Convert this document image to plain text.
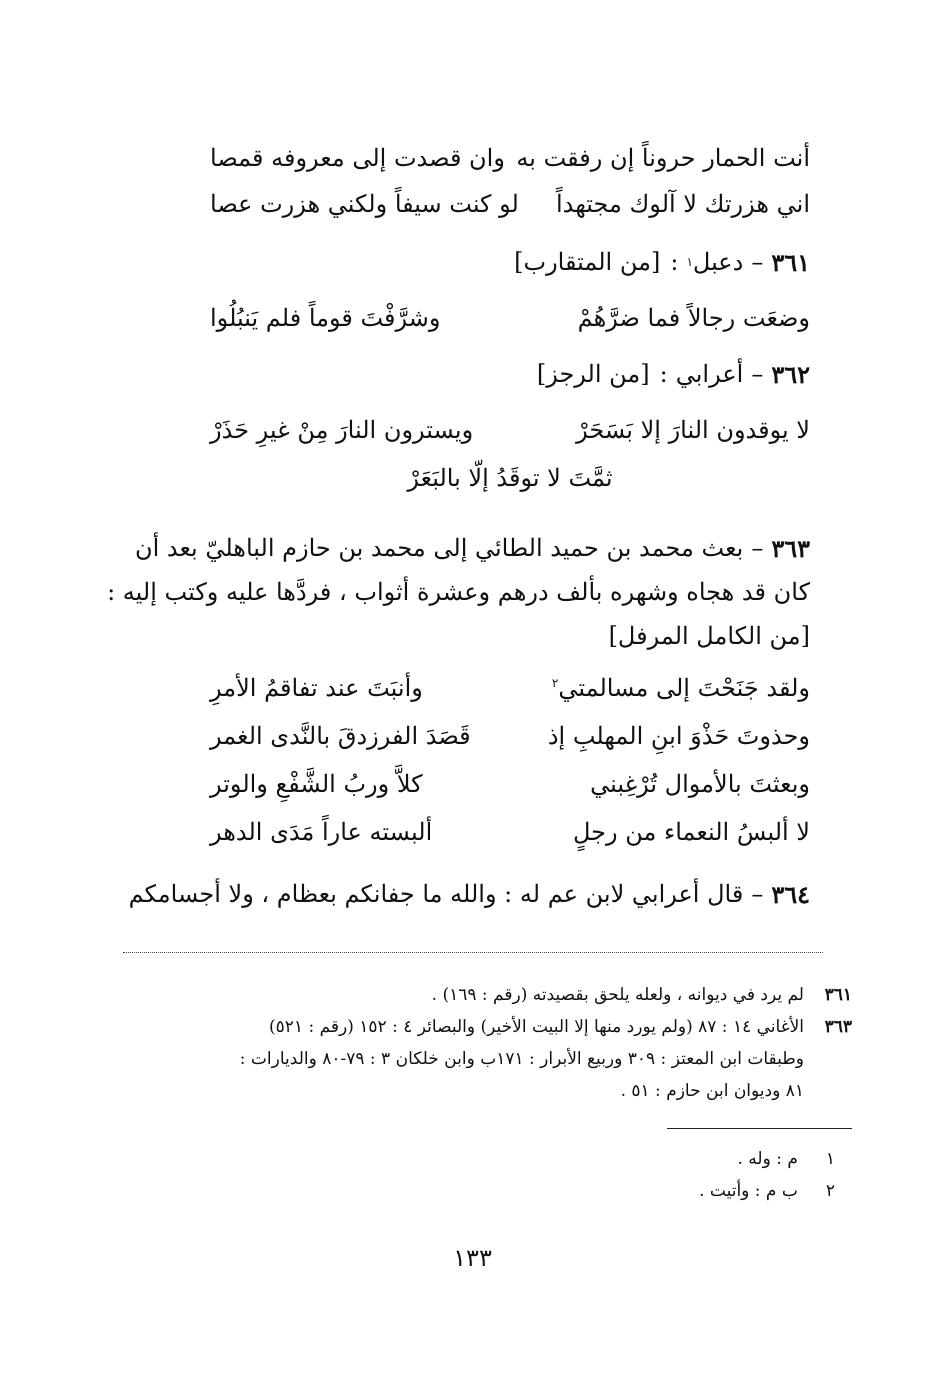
أنت الحمار حروناً إن رفقت به
وان قصدت إلى معروفه قمصا
اني هزرتك لا آلوك مجتهداً
لو كنت سيفاً ولكني هزرت عصا
٣٦١
–
دعبل
١
:
[من المتقارب]
وضعَت رجالاً فما ضرَّهُمْ
وشرَّفْتَ قوماً فلم يَنبُلُوا
٣٦٢
–
أعرابي
:
[من الرجز]
لا يوقدون النارَ إلا بَسَحَرْ
ويسترون النارَ مِنْ غيرِ حَذَرْ
ثمَّتَ لا توقَدُ إلّا بالبَعَرْ
٣٦٣
–
بعث محمد بن حميد الطائي إلى محمد بن حازم الباهليّ بعد أن
كان قد هجاه وشهره بألف درهم وعشرة أثواب ، فردَّها عليه وكتب إليه :
[من الكامل المرفل]
ولقد جَنَحْتَ إلى مسالمتي$^٢$
وأنبَتَ عند تفاقمُ الأمرِ
وحذوتَ حَذْوَ ابنِ المهلبِ إذ
قَصَدَ الفرزدقَ بالنَّدى الغمر
وبعثتَ بالأموال تُرْغِبني
كلاَّ وربُ الشَّفْعِ والوتر
لا ألبسُ النعماء من رجلٍ
ألبسته عاراً مَدَى الدهر
٣٦٤
–
قال أعرابي لابن عم له : والله ما جفانكم بعظام ، ولا أجسامكم
٣٦١
لم يرد في ديوانه ، ولعله يلحق بقصيدته (رقم : ١٦٩) .
٣٦٣
الأغاني ١٤ : ٨٧ (ولم يورد منها إلا البيت الأخير) والبصائر ٤ : ١٥٢ (رقم : ٥٢١)
وطبقات ابن المعتز : ٣٠٩ وربيع الأبرار : ١٧١ب وابن خلكان ٣ : ٧٩-٨٠ والديارات :
٨١ وديوان ابن حازم : ٥١ .
١
م : وله .
٢
ب م : وأتيت .
١٣٣
